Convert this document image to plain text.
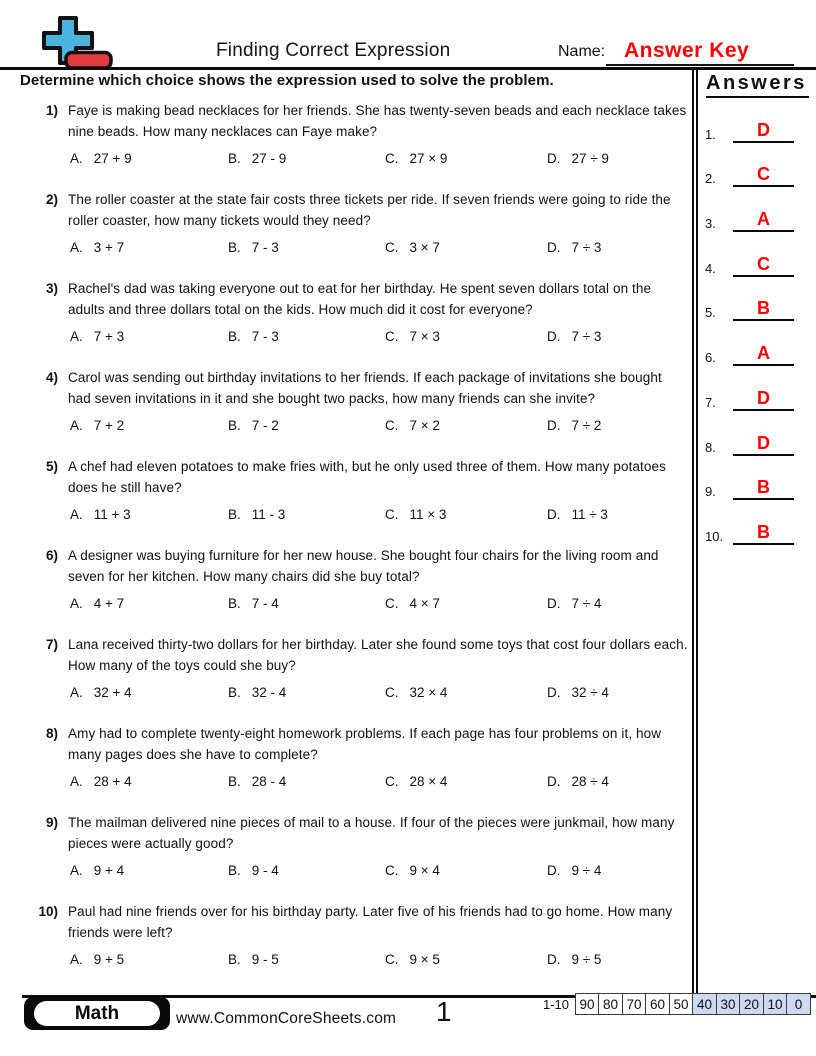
Finding Correct Expression	Name: Answer Key
Determine which choice shows the expression used to solve the problem.
1) Faye is making bead necklaces for her friends. She has twenty-seven beads and each necklace takes nine beads. How many necklaces can Faye make?
A. 27 + 9	B. 27 - 9	C. 27 × 9	D. 27 ÷ 9
2) The roller coaster at the state fair costs three tickets per ride. If seven friends were going to ride the roller coaster, how many tickets would they need?
A. 3 + 7	B. 7 - 3	C. 3 × 7	D. 7 ÷ 3
3) Rachel's dad was taking everyone out to eat for her birthday. He spent seven dollars total on the adults and three dollars total on the kids. How much did it cost for everyone?
A. 7 + 3	B. 7 - 3	C. 7 × 3	D. 7 ÷ 3
4) Carol was sending out birthday invitations to her friends. If each package of invitations she bought had seven invitations in it and she bought two packs, how many friends can she invite?
A. 7 + 2	B. 7 - 2	C. 7 × 2	D. 7 ÷ 2
5) A chef had eleven potatoes to make fries with, but he only used three of them. How many potatoes does he still have?
A. 11 + 3	B. 11 - 3	C. 11 × 3	D. 11 ÷ 3
6) A designer was buying furniture for her new house. She bought four chairs for the living room and seven for her kitchen. How many chairs did she buy total?
A. 4 + 7	B. 7 - 4	C. 4 × 7	D. 7 ÷ 4
7) Lana received thirty-two dollars for her birthday. Later she found some toys that cost four dollars each. How many of the toys could she buy?
A. 32 + 4	B. 32 - 4	C. 32 × 4	D. 32 ÷ 4
8) Amy had to complete twenty-eight homework problems. If each page has four problems on it, how many pages does she have to complete?
A. 28 + 4	B. 28 - 4	C. 28 × 4	D. 28 ÷ 4
9) The mailman delivered nine pieces of mail to a house. If four of the pieces were junkmail, how many pieces were actually good?
A. 9 + 4	B. 9 - 4	C. 9 × 4	D. 9 ÷ 4
10) Paul had nine friends over for his birthday party. Later five of his friends had to go home. How many friends were left?
A. 9 + 5	B. 9 - 5	C. 9 × 5	D. 9 ÷ 5
Answers
1.	D
2.	C
3.	A
4.	C
5.	B
6.	A
7.	D
8.	D
9.	B
10.	B
Math	www.CommonCoreSheets.com 1	1-10 90 80 70 60 50 40 30 20 10 0
